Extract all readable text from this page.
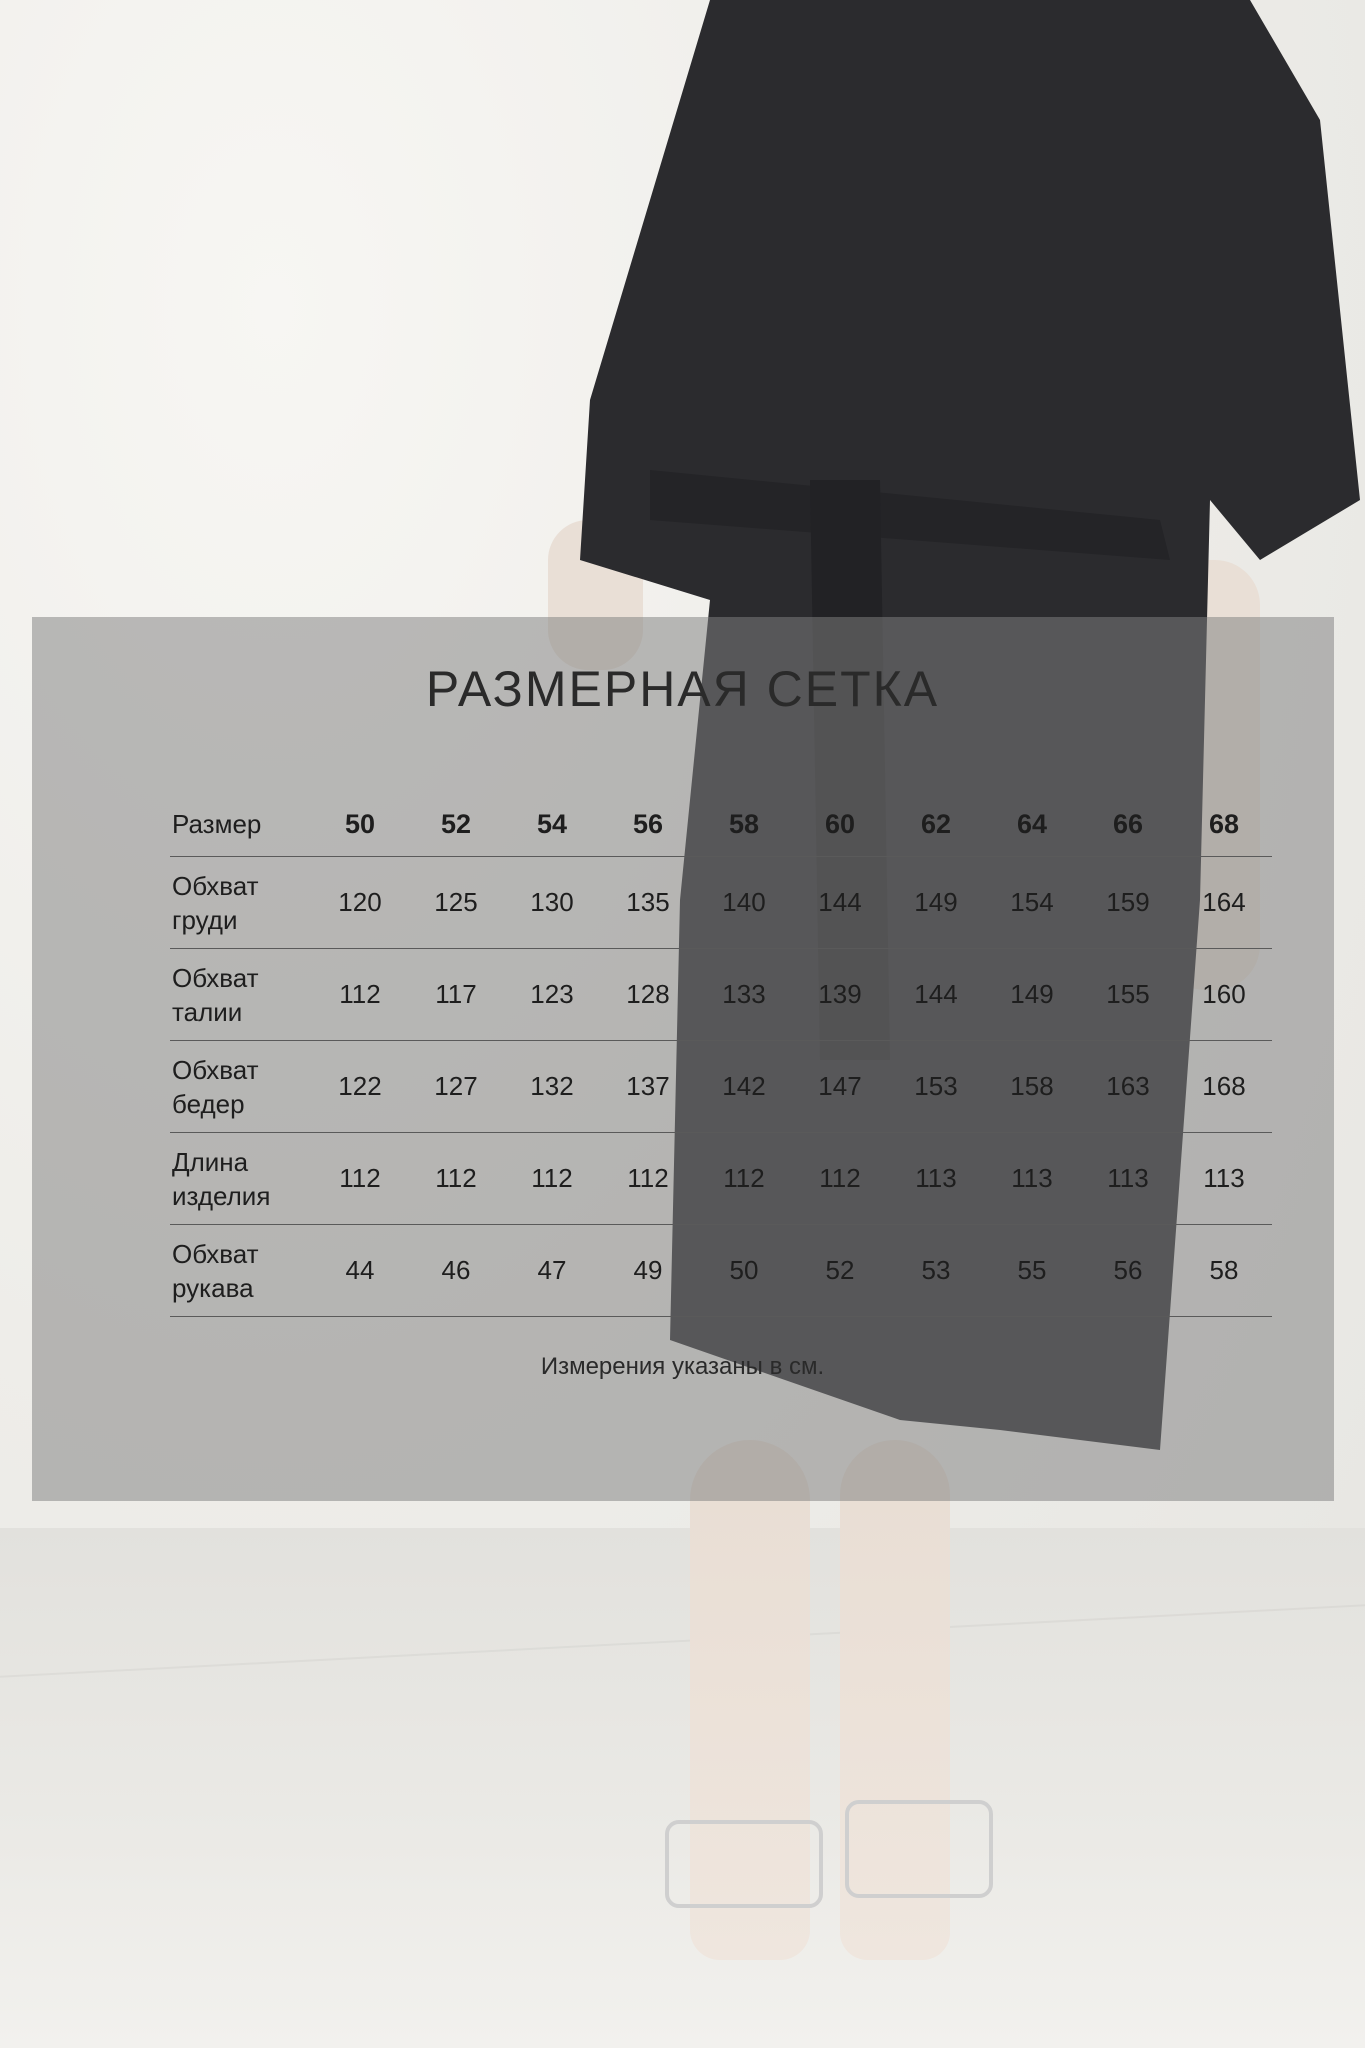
РАЗМЕРНАЯ СЕТКА
Размер	50	52	54	56	58	60	62	64	66	68
Обхват
груди	120	125	130	135	140	144	149	154	159	164
Обхват
талии	112	117	123	128	133	139	144	149	155	160
Обхват
бедер	122	127	132	137	142	147	153	158	163	168
Длина
изделия	112	112	112	112	112	112	113	113	113	113
Обхват
рукава	44	46	47	49	50	52	53	55	56	58
Измерения указаны в см.
